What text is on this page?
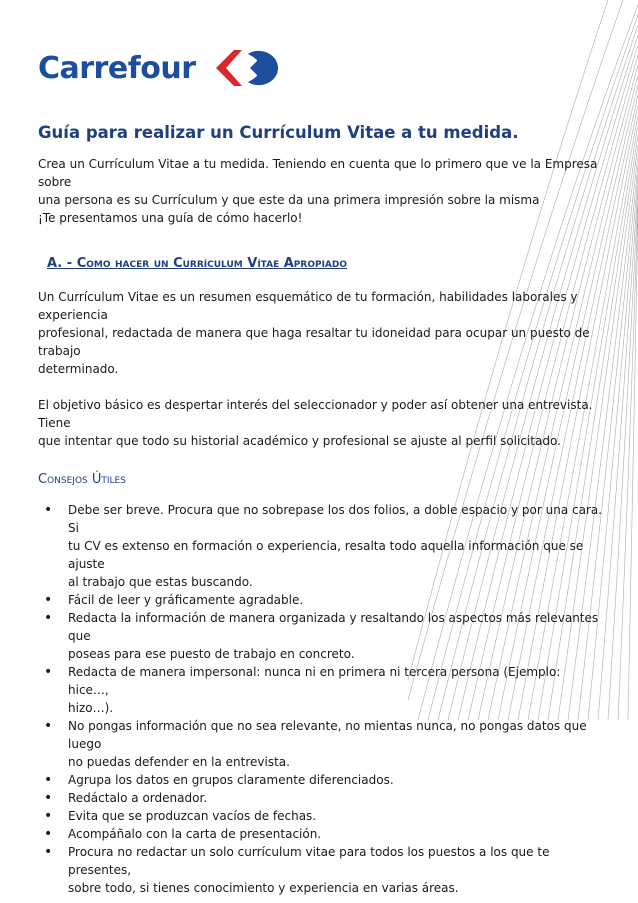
Carrefour
Guía para realizar un Currículum Vitae a tu medida.

Crea un Currículum Vitae a tu medida. Teniendo en cuenta que lo primero que ve la Empresa sobre

una persona es su Currículum y que este da una primera impresión sobre la misma

¡Te presentamos una guía de cómo hacerlo!

A. - Como hacer un Currículum Vítae Apropiado

Un Currículum Vitae es un resumen esquemático de tu formación, habilidades laborales y experiencia

profesional, redactada de manera que haga resaltar tu idoneidad para ocupar un puesto de trabajo

determinado.

El objetivo básico es despertar interés del seleccionador y poder así obtener una entrevista. Tiene

que intentar que todo su historial académico y profesional se ajuste al perfil solicitado.

Consejos Útiles
• Debe ser breve. Procura que no sobrepase los dos folios, a doble espacio y por una cara. Si
tu CV es extenso en formación o experiencia, resalta todo aquella información que se ajuste
al trabajo que estas buscando.
• Fácil de leer y gráficamente agradable.
• Redacta la información de manera organizada y resaltando los aspectos más relevantes que
poseas para ese puesto de trabajo en concreto.
• Redacta de manera impersonal: nunca ni en primera ni tercera persona (Ejemplo: hice…,
hizo…).
• No pongas información que no sea relevante, no mientas nunca, no pongas datos que luego
no puedas defender en la entrevista.
• Agrupa los datos en grupos claramente diferenciados.
• Redáctalo a ordenador.
• Evita que se produzcan vacíos de fechas.
• Acompáñalo con la carta de presentación.
• Procura no redactar un solo currículum vitae para todos los puestos a los que te presentes,
sobre todo, si tienes conocimiento y experiencia en varias áreas.
